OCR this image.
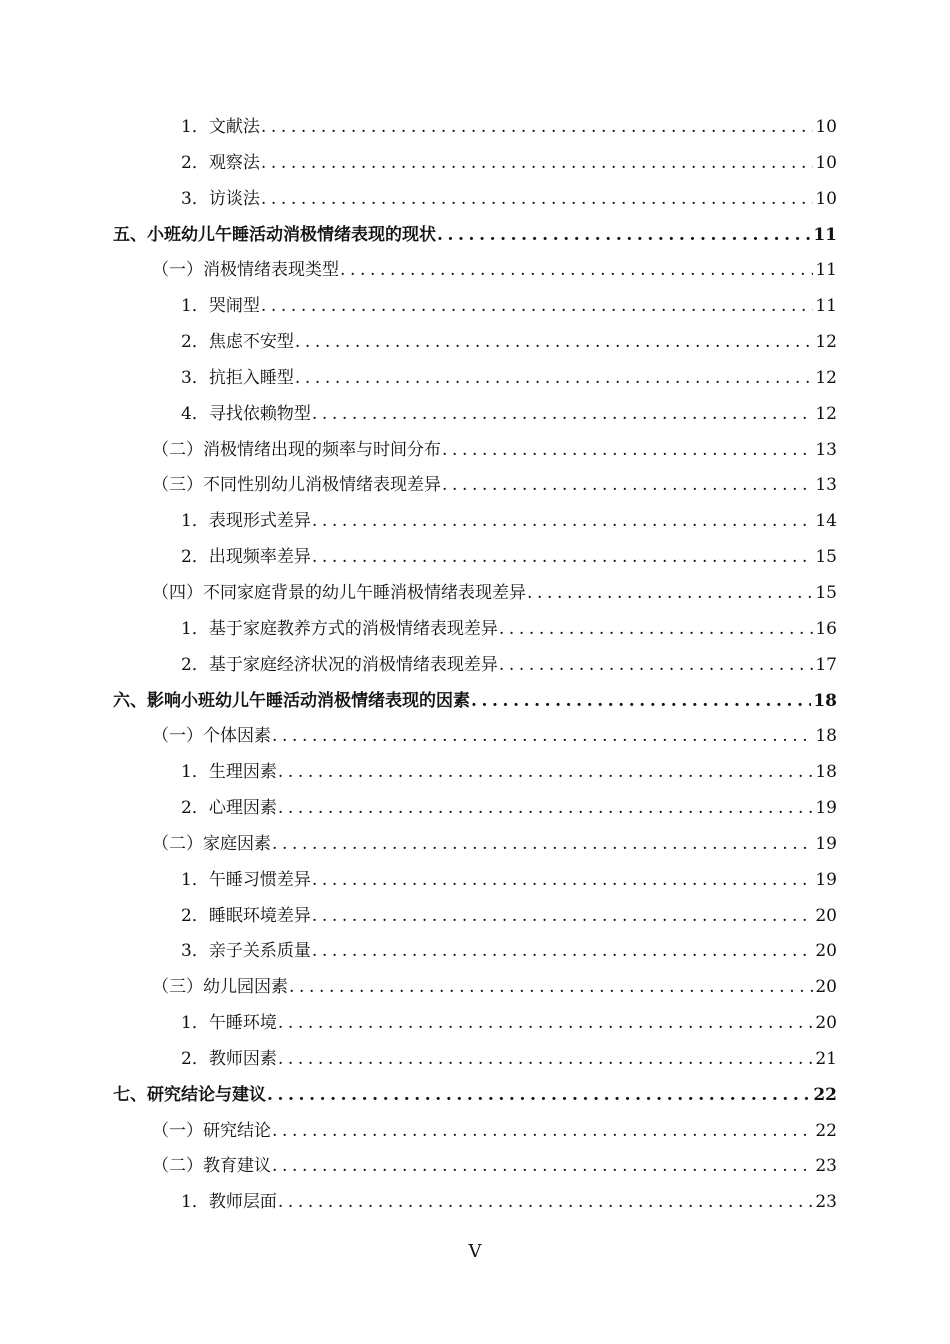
1．文献法 .....	10
2．观察法 .....	10
3．访谈法 .....	10
五、小班幼儿午睡活动消极情绪表现的现状 .....	11
（一）消极情绪表现类型 .....	11
1．哭闹型 .....	11
2．焦虑不安型 .....	12
3．抗拒入睡型 .....	12
4．寻找依赖物型 .....	12
（二）消极情绪出现的频率与时间分布 .....	13
（三）不同性别幼儿消极情绪表现差异 .....	13
1．表现形式差异 .....	14
2．出现频率差异 .....	15
（四）不同家庭背景的幼儿午睡消极情绪表现差异 .....	15
1．基于家庭教养方式的消极情绪表现差异 .....	16
2．基于家庭经济状况的消极情绪表现差异 .....	17
六、影响小班幼儿午睡活动消极情绪表现的因素 .....	18
（一）个体因素 .....	18
1．生理因素 .....	18
2．心理因素 .....	19
（二）家庭因素 .....	19
1．午睡习惯差异 .....	19
2．睡眠环境差异 .....	20
3．亲子关系质量 .....	20
（三）幼儿园因素 .....	20
1．午睡环境 .....	20
2．教师因素 .....	21
七、研究结论与建议 .....	22
（一）研究结论 .....	22
（二）教育建议 .....	23
1．教师层面 .....	23
V
